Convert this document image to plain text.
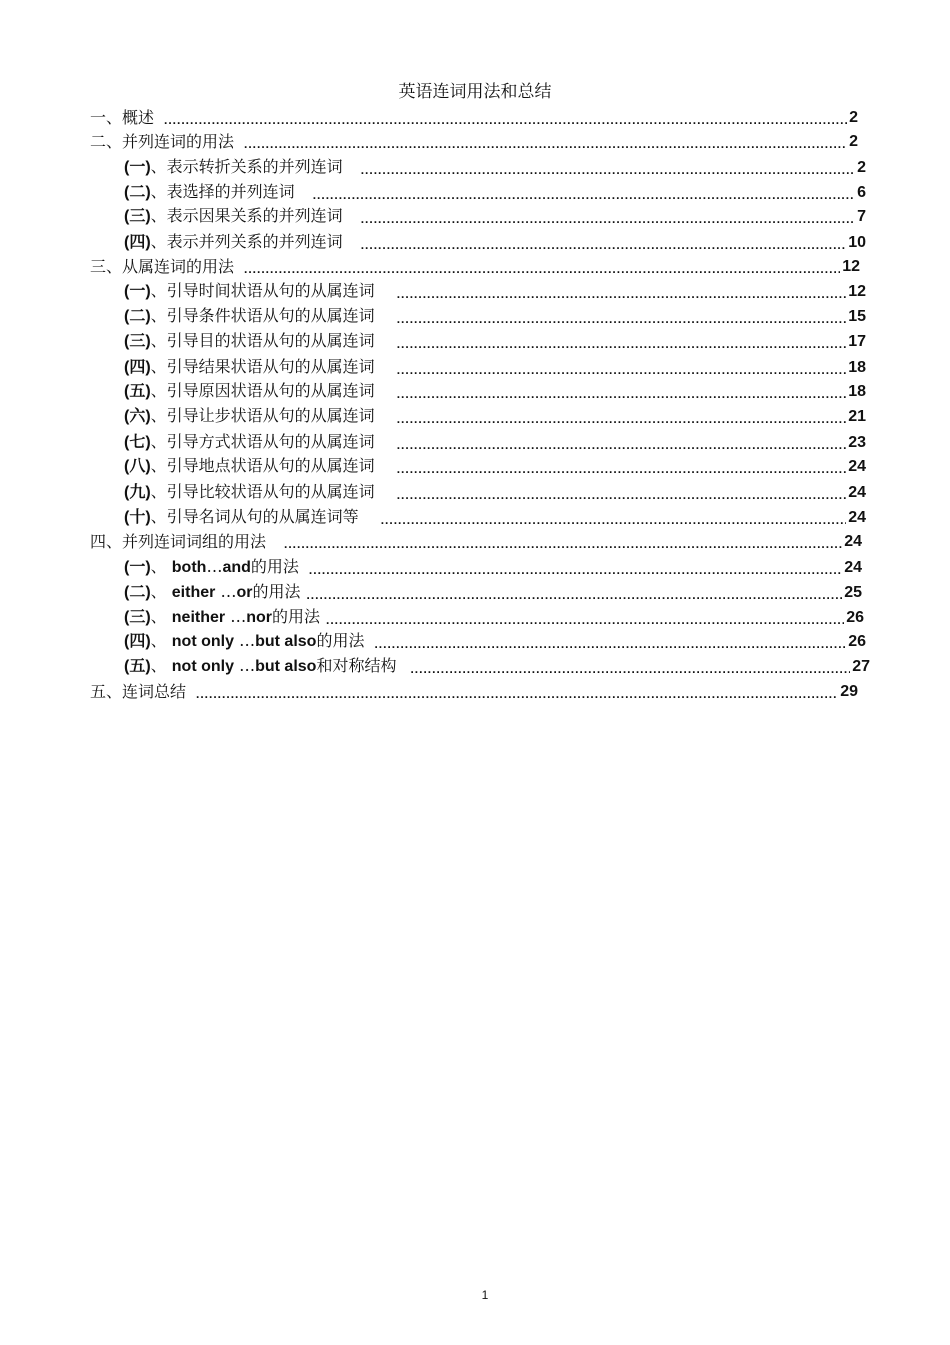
英语连词用法和总结
一、概述 .....	2
二、并列连词的用法 .....	2
(一)、表示转折关系的并列连词 .....	2
(二)、表选择的并列连词 .....	6
(三)、表示因果关系的并列连词 .....	7
(四)、表示并列关系的并列连词 .....	10
三、从属连词的用法 .....	12
(一)、引导时间状语从句的从属连词 .....	12
(二)、引导条件状语从句的从属连词 .....	15
(三)、引导目的状语从句的从属连词 .....	17
(四)、引导结果状语从句的从属连词 .....	18
(五)、引导原因状语从句的从属连词 .....	18
(六)、引导让步状语从句的从属连词 .....	21
(七)、引导方式状语从句的从属连词 .....	23
(八)、引导地点状语从句的从属连词 .....	24
(九)、引导比较状语从句的从属连词 .....	24
(十)、引导名词从句的从属连词等 .....	24
四、并列连词词组的用法 .....	24
(一)、 both…and的用法 .....	24
(二)、 either …or的用法 .....	25
(三)、 neither …nor的用法 .....	26
(四)、 not only …but also的用法 .....	26
(五)、 not only …but also和对称结构 .....	27
五、连词总结 .....	29
1
